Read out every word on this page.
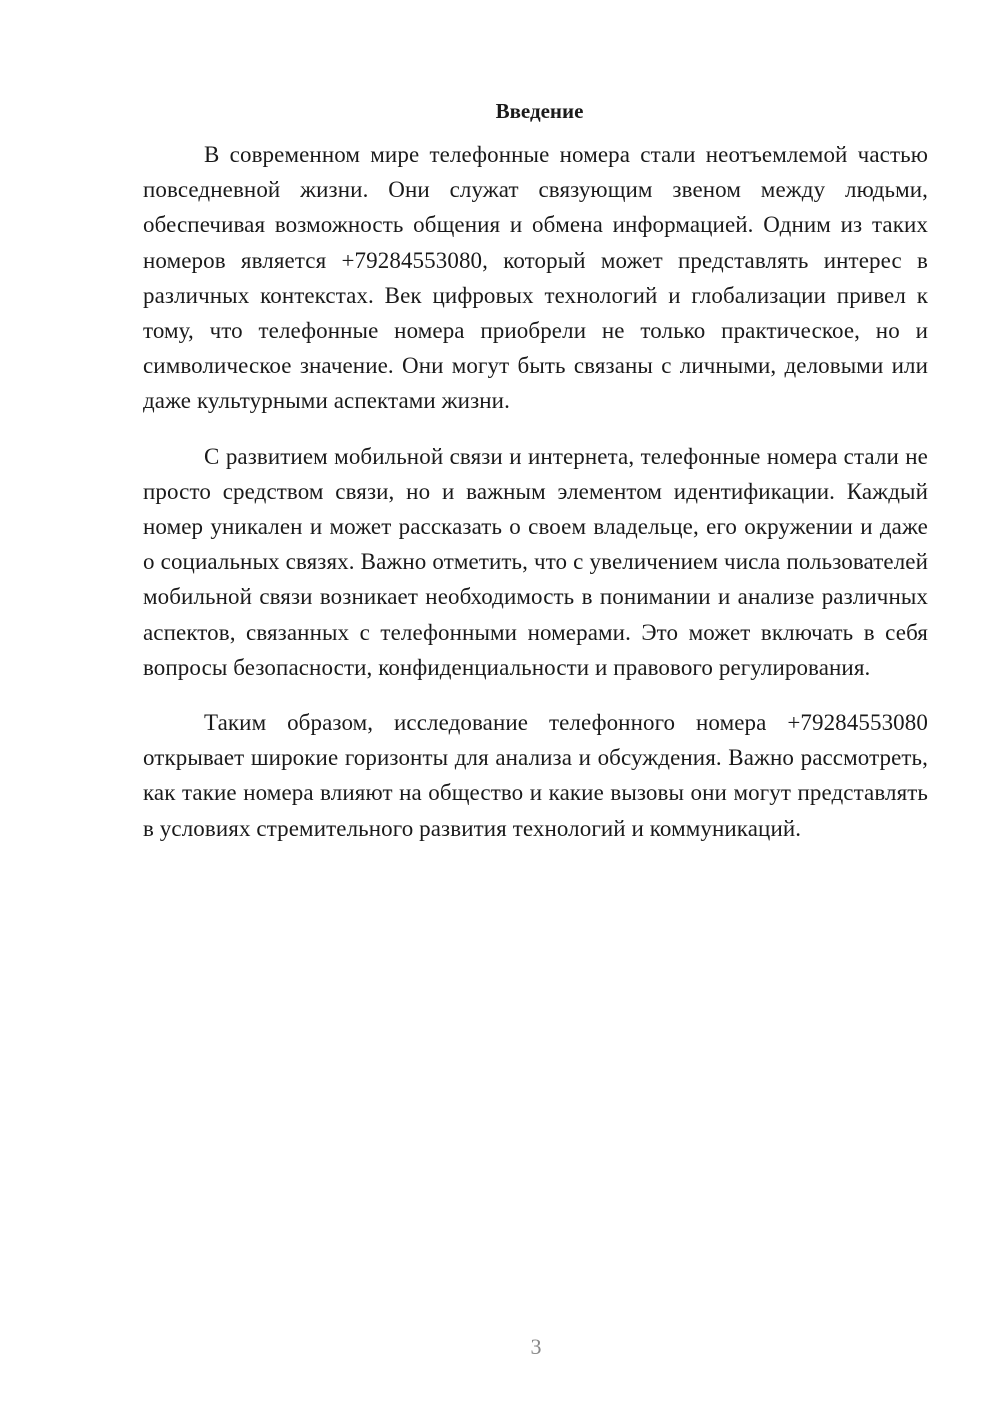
Введение

В современном мире телефонные номера стали неотъемлемой частью повседневной жизни. Они служат связующим звеном между людьми, обеспечивая возможность общения и обмена информацией. Одним из таких номеров является +79284553080, который может представлять интерес в различных контекстах. Век цифровых технологий и глобализации привел к тому, что телефонные номера приобрели не только практическое, но и символическое значение. Они могут быть связаны с личными, деловыми или даже культурными аспектами жизни.

С развитием мобильной связи и интернета, телефонные номера стали не просто средством связи, но и важным элементом идентификации. Каждый номер уникален и может рассказать о своем владельце, его окружении и даже о социальных связях. Важно отметить, что с увеличением числа пользователей мобильной связи возникает необходимость в понимании и анализе различных аспектов, связанных с телефонными номерами. Это может включать в себя вопросы безопасности, конфиденциальности и правового регулирования.

Таким образом, исследование телефонного номера +79284553080 открывает широкие горизонты для анализа и обсуждения. Важно рассмотреть, как такие номера влияют на общество и какие вызовы они могут представлять в условиях стремительного развития технологий и коммуникаций.

3
